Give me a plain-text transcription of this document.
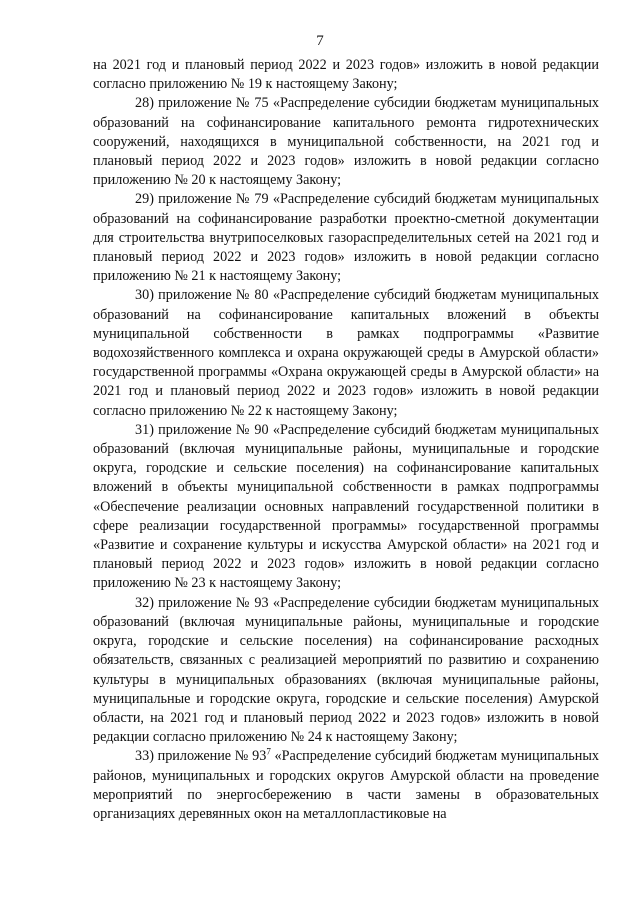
7

на 2021 год и плановый период 2022 и 2023 годов» изложить в новой редакции согласно приложению № 19 к настоящему Закону;

28) приложение № 75 «Распределение субсидии бюджетам муниципальных образований на софинансирование капитального ремонта гидротехнических сооружений, находящихся в муниципальной собственности, на 2021 год и плановый период 2022 и 2023 годов» изложить в новой редакции согласно приложению № 20 к настоящему Закону;

29) приложение № 79 «Распределение субсидий бюджетам муниципальных образований на софинансирование разработки проектно-сметной документации для строительства внутрипоселковых газораспределительных сетей на 2021 год и плановый период 2022 и 2023 годов» изложить в новой редакции согласно приложению № 21 к настоящему Закону;

30) приложение № 80 «Распределение субсидий бюджетам муниципальных образований на софинансирование капитальных вложений в объекты муниципальной собственности в рамках подпрограммы «Развитие водохозяйственного комплекса и охрана окружающей среды в Амурской области» государственной программы «Охрана окружающей среды в Амурской области» на 2021 год и плановый период 2022 и 2023 годов» изложить в новой редакции согласно приложению № 22 к настоящему Закону;

31) приложение № 90 «Распределение субсидий бюджетам муниципальных образований (включая муниципальные районы, муниципальные и городские округа, городские и сельские поселения) на софинансирование капитальных вложений в объекты муниципальной собственности в рамках подпрограммы «Обеспечение реализации основных направлений государственной политики в сфере реализации государственной программы» государственной программы «Развитие и сохранение культуры и искусства Амурской области» на 2021 год и плановый период 2022 и 2023 годов» изложить в новой редакции согласно приложению № 23 к настоящему Закону;

32) приложение № 93 «Распределение субсидии бюджетам муниципальных образований (включая муниципальные районы, муниципальные и городские округа, городские и сельские поселения) на софинансирование расходных обязательств, связанных с реализацией мероприятий по развитию и сохранению культуры в муниципальных образованиях (включая муниципальные районы, муниципальные и городские округа, городские и сельские поселения) Амурской области, на 2021 год и плановый период 2022 и 2023 годов» изложить в новой редакции согласно приложению № 24 к настоящему Закону;

33) приложение № $93^7$ «Распределение субсидий бюджетам муниципальных районов, муниципальных и городских округов Амурской области на проведение мероприятий по энергосбережению в части замены в образовательных организациях деревянных окон на металлопластиковые на
